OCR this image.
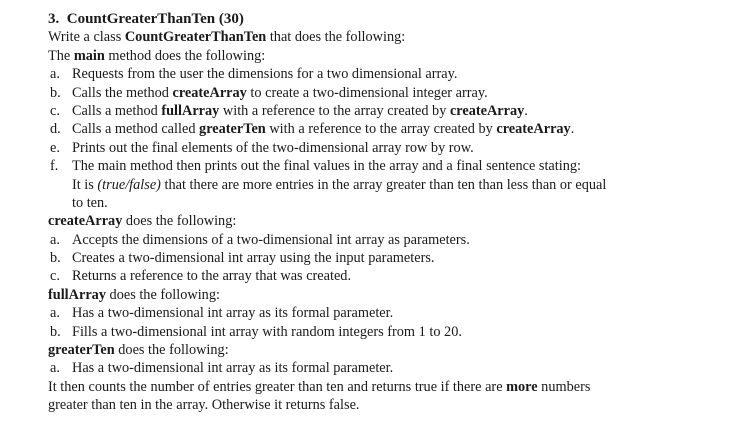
3. CountGreaterThanTen (30)
Write a class CountGreaterThanTen that does the following:
The main method does the following:
a. Requests from the user the dimensions for a two dimensional array.
b. Calls the method createArray to create a two-dimensional integer array.
c. Calls a method fullArray with a reference to the array created by createArray.
d. Calls a method called greaterTen with a reference to the array created by createArray.
e. Prints out the final elements of the two-dimensional array row by row.
f. The main method then prints out the final values in the array and a final sentence stating:
It is (true/false) that there are more entries in the array greater than ten than less than or equal
to ten.
createArray does the following:
a. Accepts the dimensions of a two-dimensional int array as parameters.
b. Creates a two-dimensional int array using the input parameters.
c. Returns a reference to the array that was created.
fullArray does the following:
a. Has a two-dimensional int array as its formal parameter.
b. Fills a two-dimensional int array with random integers from 1 to 20.
greaterTen does the following:
a. Has a two-dimensional int array as its formal parameter.
It then counts the number of entries greater than ten and returns true if there are more numbers
greater than ten in the array. Otherwise it returns false.
